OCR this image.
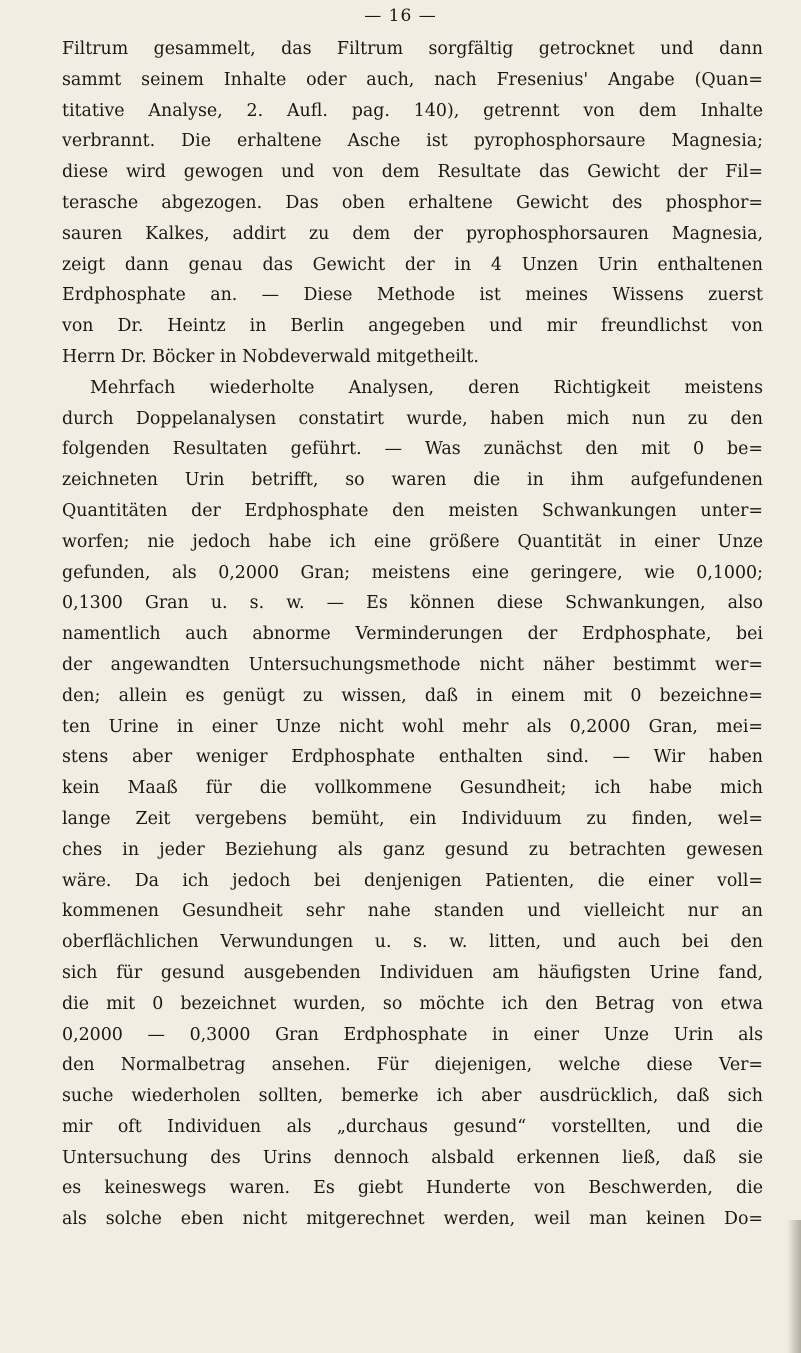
— 16 —
Filtrum gesammelt, das Filtrum sorgfältig getrocknet und dann
sammt seinem Inhalte oder auch, nach Fresenius' Angabe (Quan=
titative Analyse, 2. Aufl. pag. 140), getrennt von dem Inhalte
verbrannt. Die erhaltene Asche ist pyrophosphorsaure Magnesia;
diese wird gewogen und von dem Resultate das Gewicht der Fil=
terasche abgezogen. Das oben erhaltene Gewicht des phosphor=
sauren Kalkes, addirt zu dem der pyrophosphorsauren Magnesia,
zeigt dann genau das Gewicht der in 4 Unzen Urin enthaltenen
Erdphosphate an. — Diese Methode ist meines Wissens zuerst
von Dr. Heintz in Berlin angegeben und mir freundlichst von
Herrn Dr. Böcker in Nobdeverwald mitgetheilt.
Mehrfach wiederholte Analysen, deren Richtigkeit meistens
durch Doppelanalysen constatirt wurde, haben mich nun zu den
folgenden Resultaten geführt. — Was zunächst den mit 0 be=
zeichneten Urin betrifft, so waren die in ihm aufgefundenen
Quantitäten der Erdphosphate den meisten Schwankungen unter=
worfen; nie jedoch habe ich eine größere Quantität in einer Unze
gefunden, als 0,2000 Gran; meistens eine geringere, wie 0,1000;
0,1300 Gran u. s. w. — Es können diese Schwankungen, also
namentlich auch abnorme Verminderungen der Erdphosphate, bei
der angewandten Untersuchungsmethode nicht näher bestimmt wer=
den; allein es genügt zu wissen, daß in einem mit 0 bezeichne=
ten Urine in einer Unze nicht wohl mehr als 0,2000 Gran, mei=
stens aber weniger Erdphosphate enthalten sind. — Wir haben
kein Maaß für die vollkommene Gesundheit; ich habe mich
lange Zeit vergebens bemüht, ein Individuum zu finden, wel=
ches in jeder Beziehung als ganz gesund zu betrachten gewesen
wäre. Da ich jedoch bei denjenigen Patienten, die einer voll=
kommenen Gesundheit sehr nahe standen und vielleicht nur an
oberflächlichen Verwundungen u. s. w. litten, und auch bei den
sich für gesund ausgebenden Individuen am häufigsten Urine fand,
die mit 0 bezeichnet wurden, so möchte ich den Betrag von etwa
0,2000 — 0,3000 Gran Erdphosphate in einer Unze Urin als
den Normalbetrag ansehen. Für diejenigen, welche diese Ver=
suche wiederholen sollten, bemerke ich aber ausdrücklich, daß sich
mir oft Individuen als „durchaus gesund“ vorstellten, und die
Untersuchung des Urins dennoch alsbald erkennen ließ, daß sie
es keineswegs waren. Es giebt Hunderte von Beschwerden, die
als solche eben nicht mitgerechnet werden, weil man keinen Do=
